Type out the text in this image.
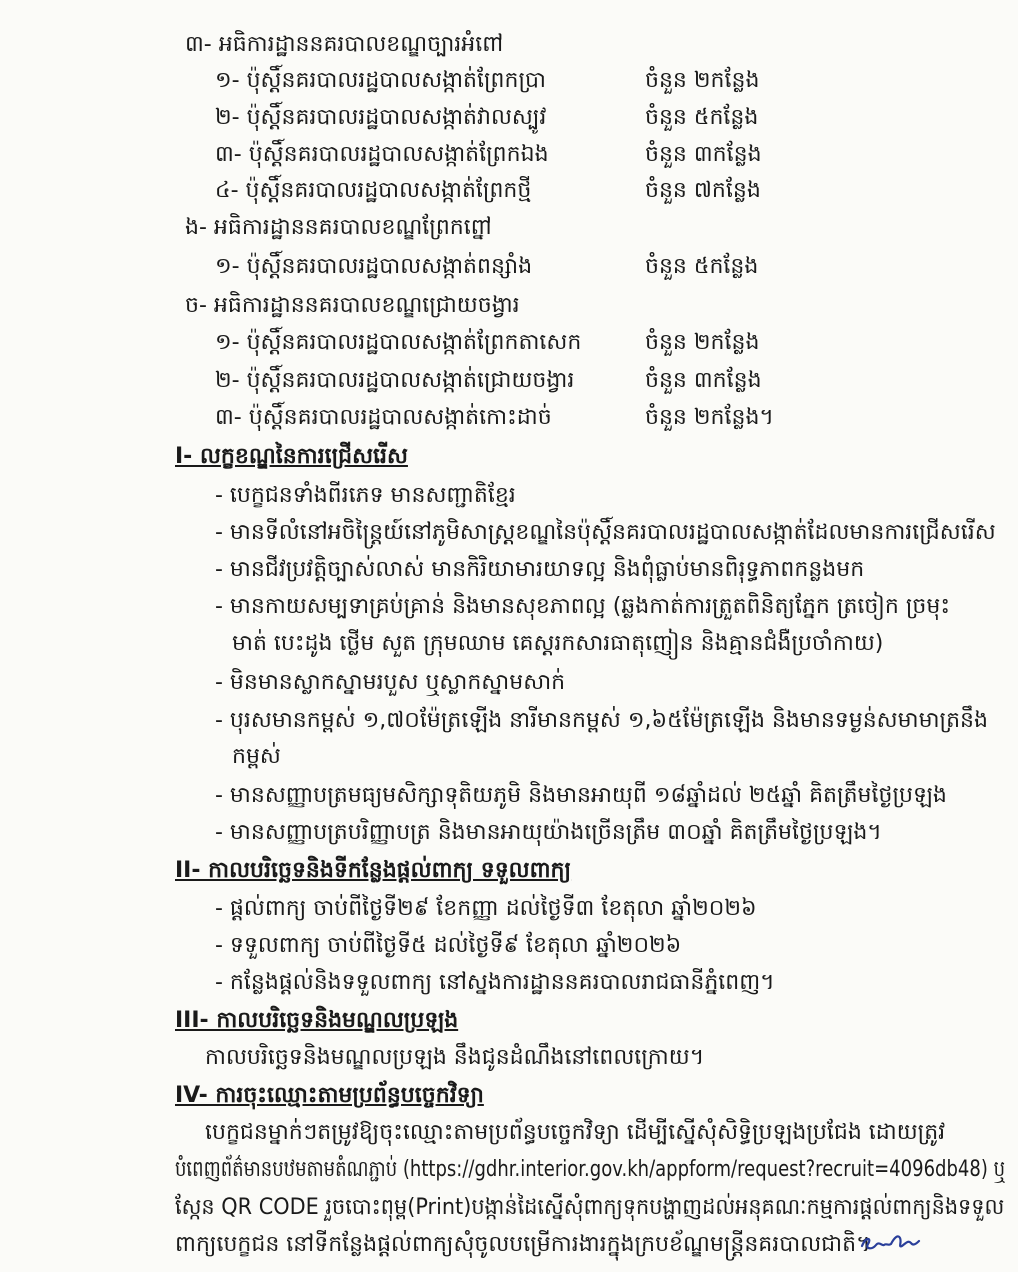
៣- អធិការដ្ឋាននគរបាលខណ្ឌច្បារអំពៅ
១- ប៉ុស្ដិ៍នគរបាលរដ្ឋបាលសង្កាត់ព្រែកប្រា	ចំនួន ២កន្លែង
២- ប៉ុស្ដិ៍នគរបាលរដ្ឋបាលសង្កាត់វាលស្បូវ	ចំនួន ៥កន្លែង
៣- ប៉ុស្ដិ៍នគរបាលរដ្ឋបាលសង្កាត់ព្រែកឯង	ចំនួន ៣កន្លែង
៤- ប៉ុស្ដិ៍នគរបាលរដ្ឋបាលសង្កាត់ព្រែកថ្មី	ចំនួន ៧កន្លែង
ង- អធិការដ្ឋាននគរបាលខណ្ឌព្រែកព្នៅ
១- ប៉ុស្ដិ៍នគរបាលរដ្ឋបាលសង្កាត់ពន្សាំង	ចំនួន ៥កន្លែង
ច- អធិការដ្ឋាននគរបាលខណ្ឌជ្រោយចង្វារ
១- ប៉ុស្ដិ៍នគរបាលរដ្ឋបាលសង្កាត់ព្រែកតាសេក	ចំនួន ២កន្លែង
២- ប៉ុស្ដិ៍នគរបាលរដ្ឋបាលសង្កាត់ជ្រោយចង្វារ	ចំនួន ៣កន្លែង
៣- ប៉ុស្ដិ៍នគរបាលរដ្ឋបាលសង្កាត់កោះដាច់	ចំនួន ២កន្លែង។
I- លក្ខខណ្ឌនៃការជ្រើសរើស
- បេក្ខជនទាំងពីរភេទ មានសញ្ជាតិខ្មែរ
- មានទីលំនៅអចិន្ត្រៃយ៍នៅភូមិសាស្ត្រខណ្ឌនៃប៉ុស្ដិ៍នគរបាលរដ្ឋបាលសង្កាត់ដែលមានការជ្រើសរើស
- មានជីវប្រវត្តិច្បាស់លាស់ មានកិរិយាមារយាទល្អ និងពុំធ្លាប់មានពិរុទ្ធភាពកន្លងមក
- មានកាយសម្បទាគ្រប់គ្រាន់ និងមានសុខភាពល្អ (ឆ្លងកាត់ការត្រួតពិនិត្យភ្នែក ត្រចៀក ច្រមុះ
មាត់ បេះដូង ថ្លើម សួត ក្រុមឈាម គេស្ដរកសារធាតុញៀន និងគ្មានជំងឺប្រចាំកាយ)
- មិនមានស្លាកស្នាមរបួស ឬស្លាកស្នាមសាក់
- បុរសមានកម្ពស់ ១,៧០ម៉ែត្រឡើង នារីមានកម្ពស់ ១,៦៥ម៉ែត្រឡើង និងមានទម្ងន់សមាមាត្រនឹង
កម្ពស់
- មានសញ្ញាបត្រមធ្យមសិក្សាទុតិយភូមិ និងមានអាយុពី ១៨ឆ្នាំដល់ ២៥ឆ្នាំ គិតត្រឹមថ្ងៃប្រឡង
- មានសញ្ញាបត្របរិញ្ញាបត្រ និងមានអាយុយ៉ាងច្រើនត្រឹម ៣០ឆ្នាំ គិតត្រឹមថ្ងៃប្រឡង។
II- កាលបរិច្ឆេទនិងទីកន្លែងផ្ដល់ពាក្យ ទទួលពាក្យ
- ផ្ដល់ពាក្យ ចាប់ពីថ្ងៃទី២៩ ខែកញ្ញា ដល់ថ្ងៃទី៣ ខែតុលា ឆ្នាំ២០២៦
- ទទួលពាក្យ ចាប់ពីថ្ងៃទី៥ ដល់ថ្ងៃទី៩ ខែតុលា ឆ្នាំ២០២៦
- កន្លែងផ្ដល់និងទទួលពាក្យ នៅស្នងការដ្ឋាននគរបាលរាជធានីភ្នំពេញ។
III- កាលបរិច្ឆេទនិងមណ្ឌលប្រឡង
កាលបរិច្ឆេទនិងមណ្ឌលប្រឡង នឹងជូនដំណឹងនៅពេលក្រោយ។
IV- ការចុះឈ្មោះតាមប្រព័ន្ធបច្ចេកវិទ្យា
បេក្ខជនម្នាក់ៗតម្រូវឱ្យចុះឈ្មោះតាមប្រព័ន្ធបច្ចេកវិទ្យា ដើម្បីស្នើសុំសិទ្ធិប្រឡងប្រជែង ដោយត្រូវ
បំពេញព័ត៌មានបឋមតាមតំណភ្ជាប់ (https://gdhr.interior.gov.kh/appform/request?recruit=4096db48) ឬ
ស្កែន QR CODE រួចបោះពុម្ព(Print)បង្កាន់ដៃស្នើសុំពាក្យទុកបង្ហាញដល់អនុគណៈកម្មការផ្ដល់ពាក្យនិងទទួល
ពាក្យបេក្ខជន នៅទីកន្លែងផ្ដល់ពាក្យសុំចូលបម្រើការងារក្នុងក្របខ័ណ្ឌមន្ត្រីនគរបាលជាតិ។
